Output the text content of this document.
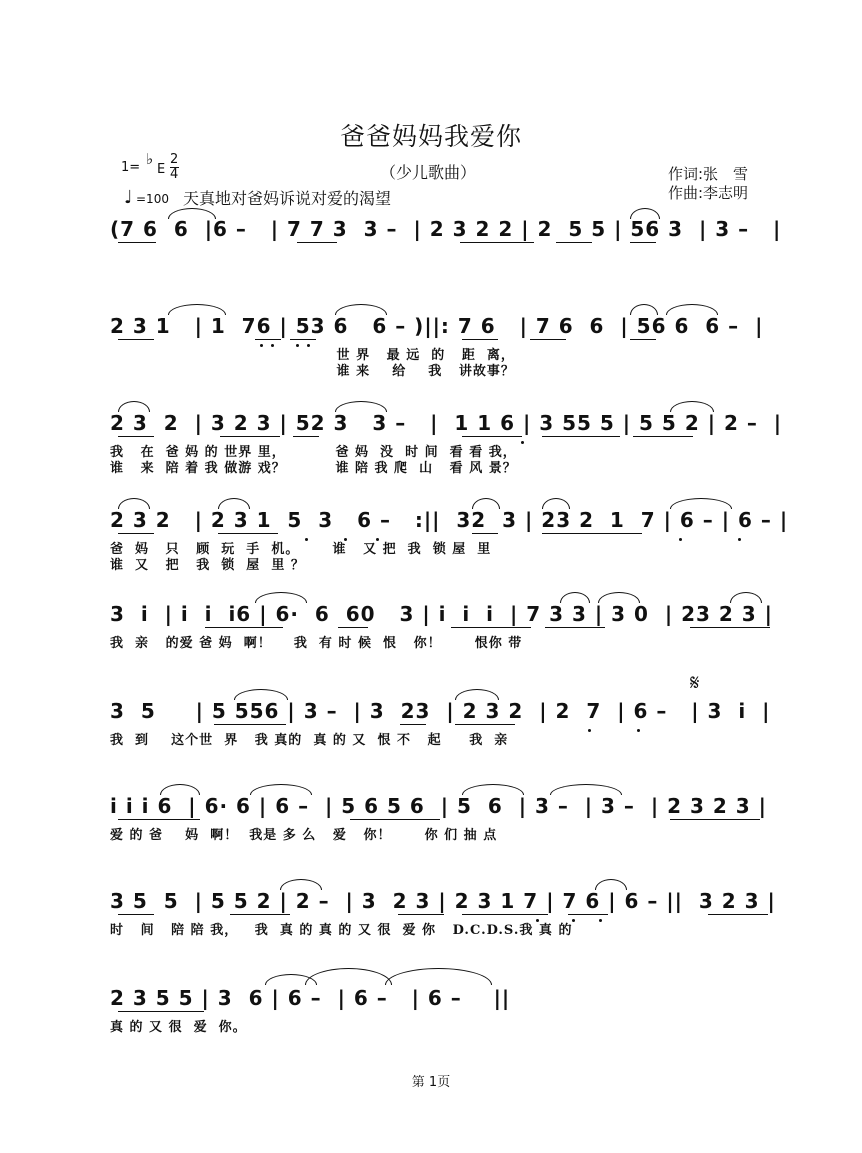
爸爸妈妈我爱你
（少儿歌曲）	作词:张　雪
作曲:李志明
1= ♭
E
2
4
♩ =100 天真地对爸妈诉说对爱的渴望
(7 6  6  |6 –   | 7 7 3  3 –  | 2 3 2 2 | 2  5 5 | 56 3  | 3 –   |
2 3 1   | 1  76 | 53 6   6 – )||: 7 6   | 7 6  6  | 56 6  6 –  |
世 界   最 远  的   距  离，
谁 来    给    我   讲故事？
2 3  2  | 3 2 3 | 52 3   3 –   |  1 1 6 | 3 55 5 | 5 5 2 | 2 –  |
我   在  爸 妈 的 世界 里，         爸 妈  没  时 间  看 看 我，
谁   来  陪 着 我 做游 戏？         谁 陪 我 爬  山   看 风 景？
2 3 2   | 2 3 1  5  3   6 –   :||  32  3 | 23 2  1  7 | 6 – | 6 – |
爸  妈   只   顾  玩  手  机。      谁   又 把  我  锁 屋  里
谁  又   把   我  锁  屋  里 ？
3  i  | i  i  i6 | 6·  6  60   3 | i  i  i  | 7 3 3 | 3 0  | 23 2 3 |
我  亲   的爱 爸 妈  啊！    我  有 时 候  恨   你！      恨你 带
3  5     | 5 556 | 3 –  | 3  23  | 2 3 2  | 2  7  | 6 –   | 3  i  |
我  到    这个世  界   我 真的  真 的 又  恨 不   起     我  亲
𝄋
i i i 6  | 6· 6 | 6 –  | 5 6 5 6  | 5  6  | 3 –  | 3 –  | 2 3 2 3 |
爱 的 爸    妈  啊！  我是 多 么   爱   你！      你 们 抽 点
3 5  5  | 5 5 2 | 2 –  | 3  2 3 | 2 3 1 7 | 7 6 | 6 – ||  3 2 3 |
时   间   陪 陪 我，   我  真 的 真 的 又 很  爱 你   D.C.D.S.我 真 的
2 3 5 5 | 3  6 | 6 –  | 6 –   | 6 –    ||
真 的 又 很  爱  你。
第 1页
